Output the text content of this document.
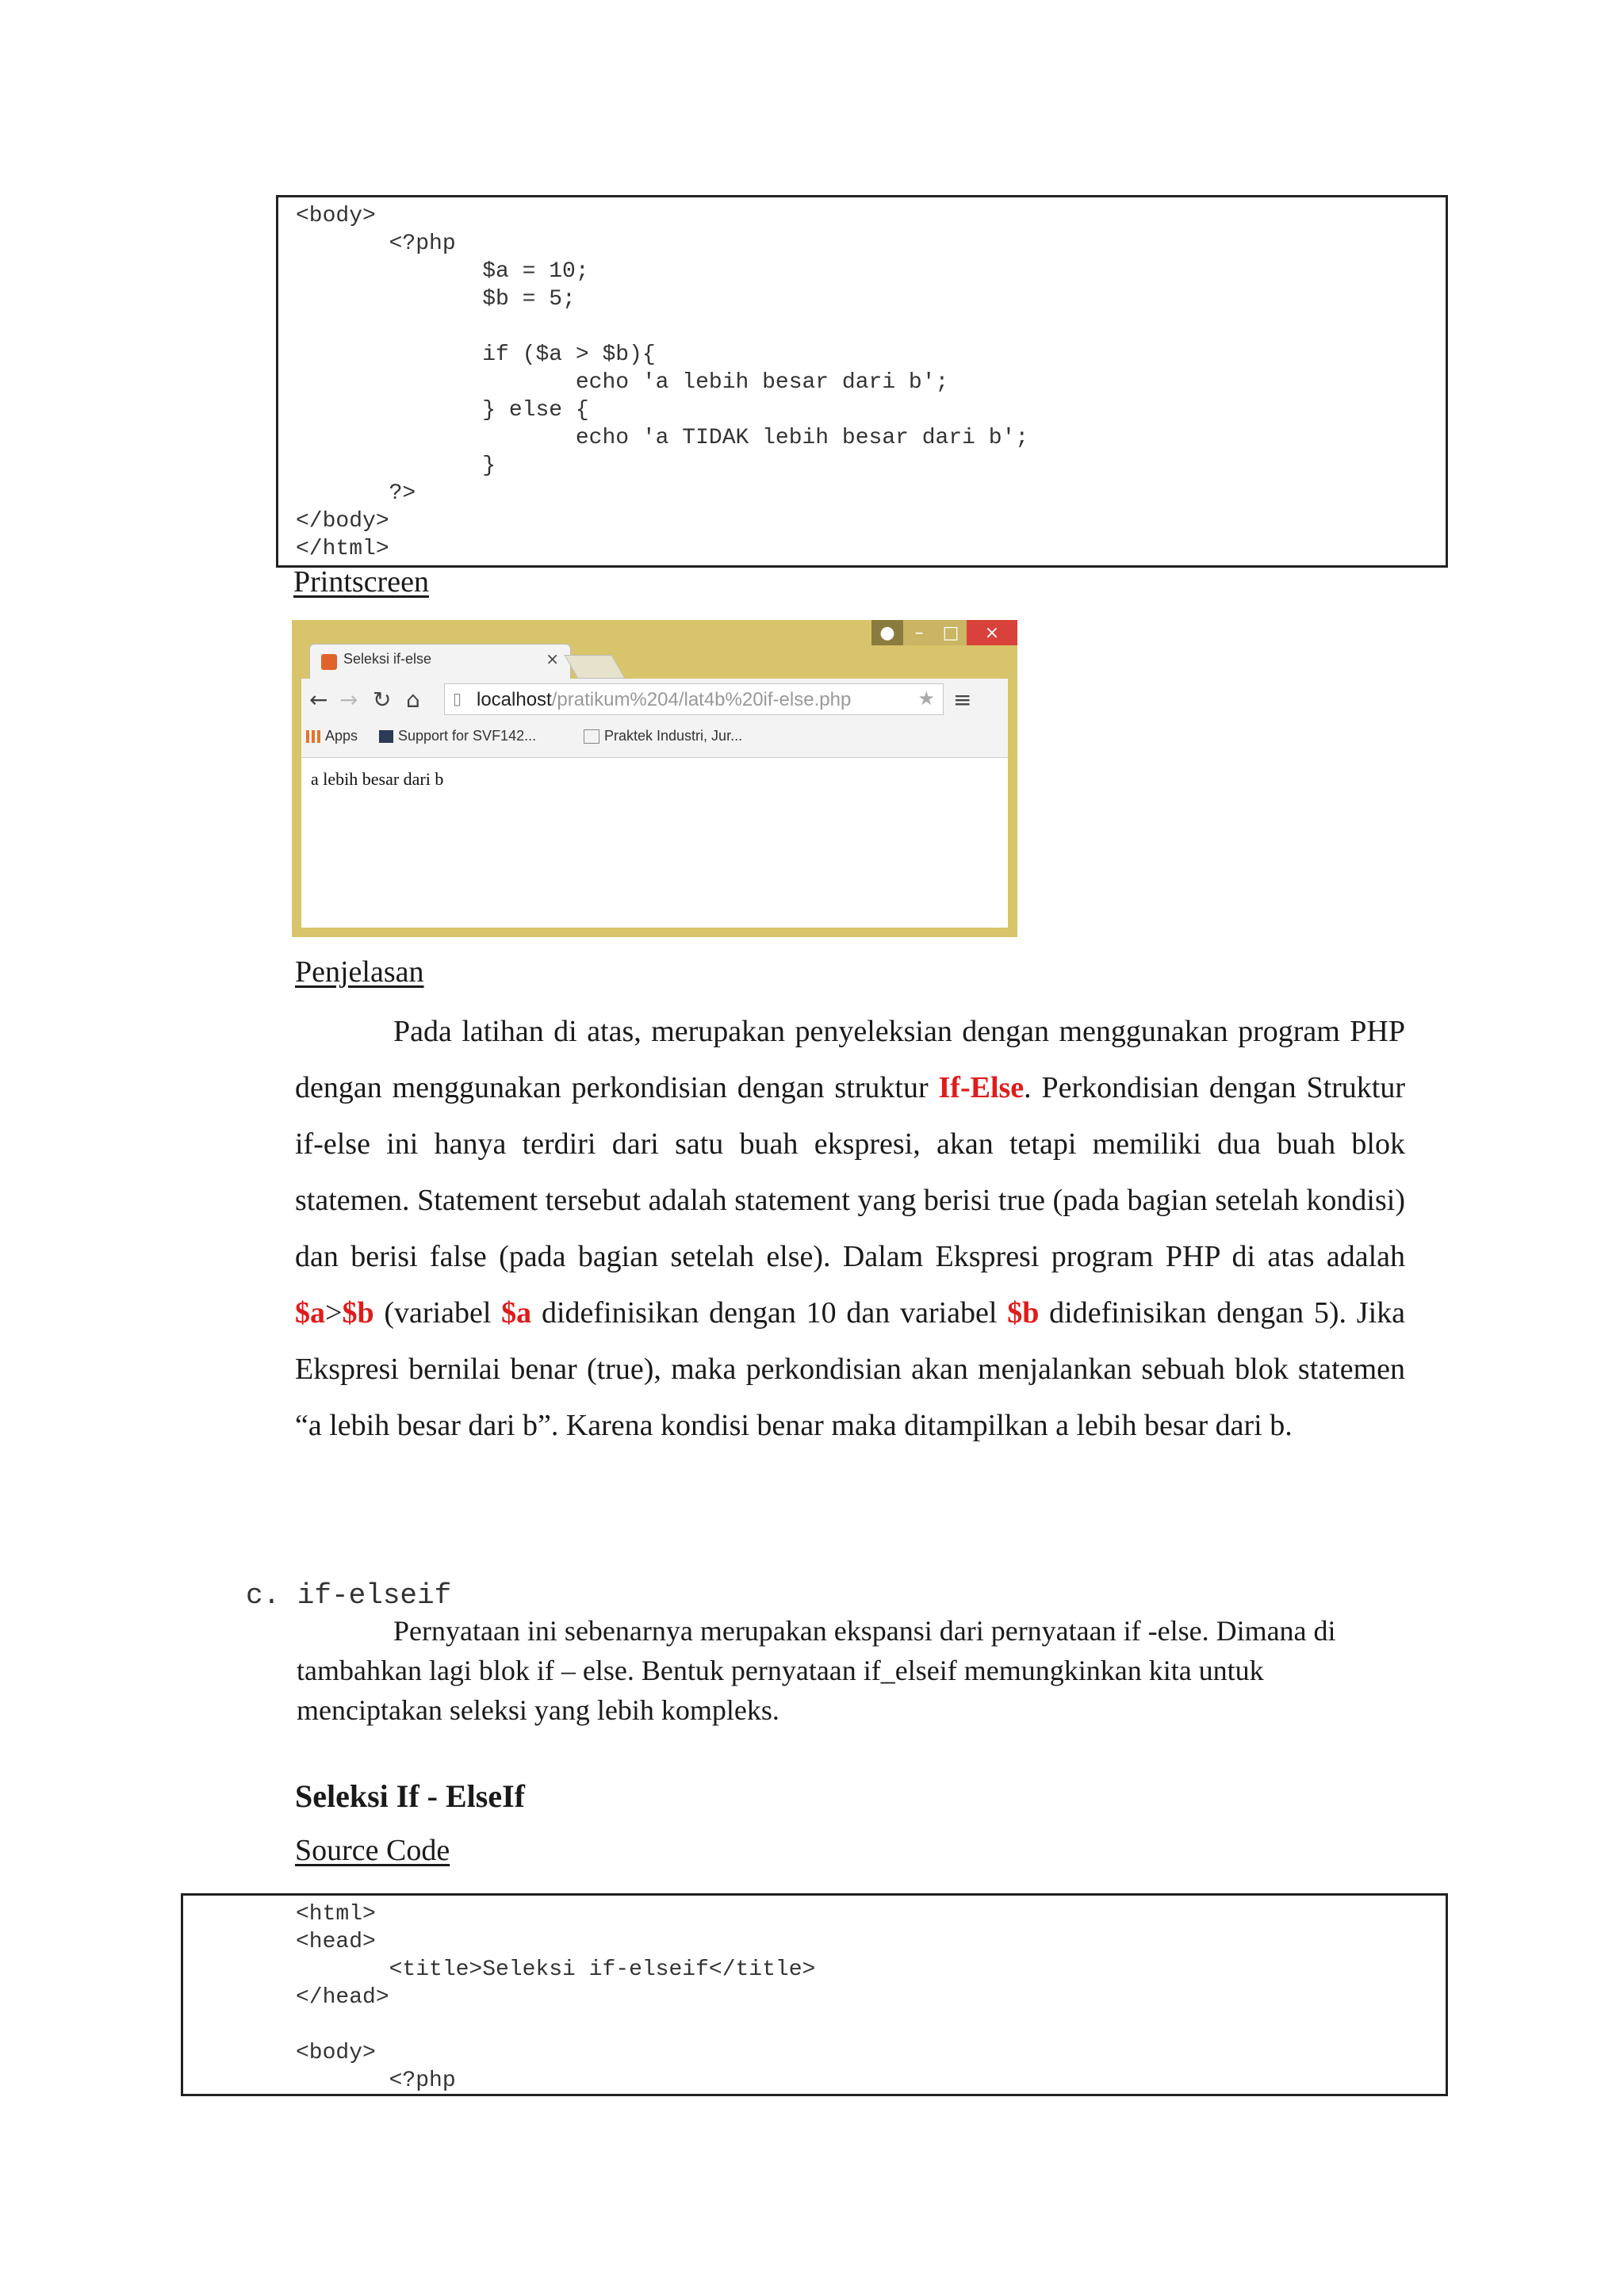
<body>
<?php
$a = 10;
$b = 5;

if ($a > $b){
echo 'a lebih besar dari b';
} else {
echo 'a TIDAK lebih besar dari b';
}
?>
</body>
</html>
Printscreen
●	–	□	×
Seleksi if-else	×
← → ↻ ⌂ ▯ localhost/pratikum%204/lat4b%20if-else.php	★ ≡
Apps	Support for SVF142...	Praktek Industri, Jur...
a lebih besar dari b
Penjelasan

Pada latihan di atas, merupakan penyeleksian dengan menggunakan program PHP dengan menggunakan perkondisian dengan struktur If-Else. Perkondisian dengan Struktur if-else ini hanya terdiri dari satu buah ekspresi, akan tetapi memiliki dua buah blok statemen. Statement tersebut adalah statement yang berisi true (pada bagian setelah kondisi) dan berisi false (pada bagian setelah else). Dalam Ekspresi program PHP di atas adalah $a>$b (variabel $a didefinisikan dengan 10 dan variabel $b didefinisikan dengan 5). Jika Ekspresi bernilai benar (true), maka perkondisian akan menjalankan sebuah blok statemen “a lebih besar dari b”. Karena kondisi benar maka ditampilkan a lebih besar dari b.

c. if-elseif

Pernyataan ini sebenarnya merupakan ekspansi dari pernyataan if -else. Dimana di tambahkan lagi blok if – else. Bentuk pernyataan if_elseif memungkinkan kita untuk menciptakan seleksi yang lebih kompleks.

Seleksi If - ElseIf
Source Code
<html>
<head>
<title>Seleksi if-elseif</title>
</head>

<body>
<?php
